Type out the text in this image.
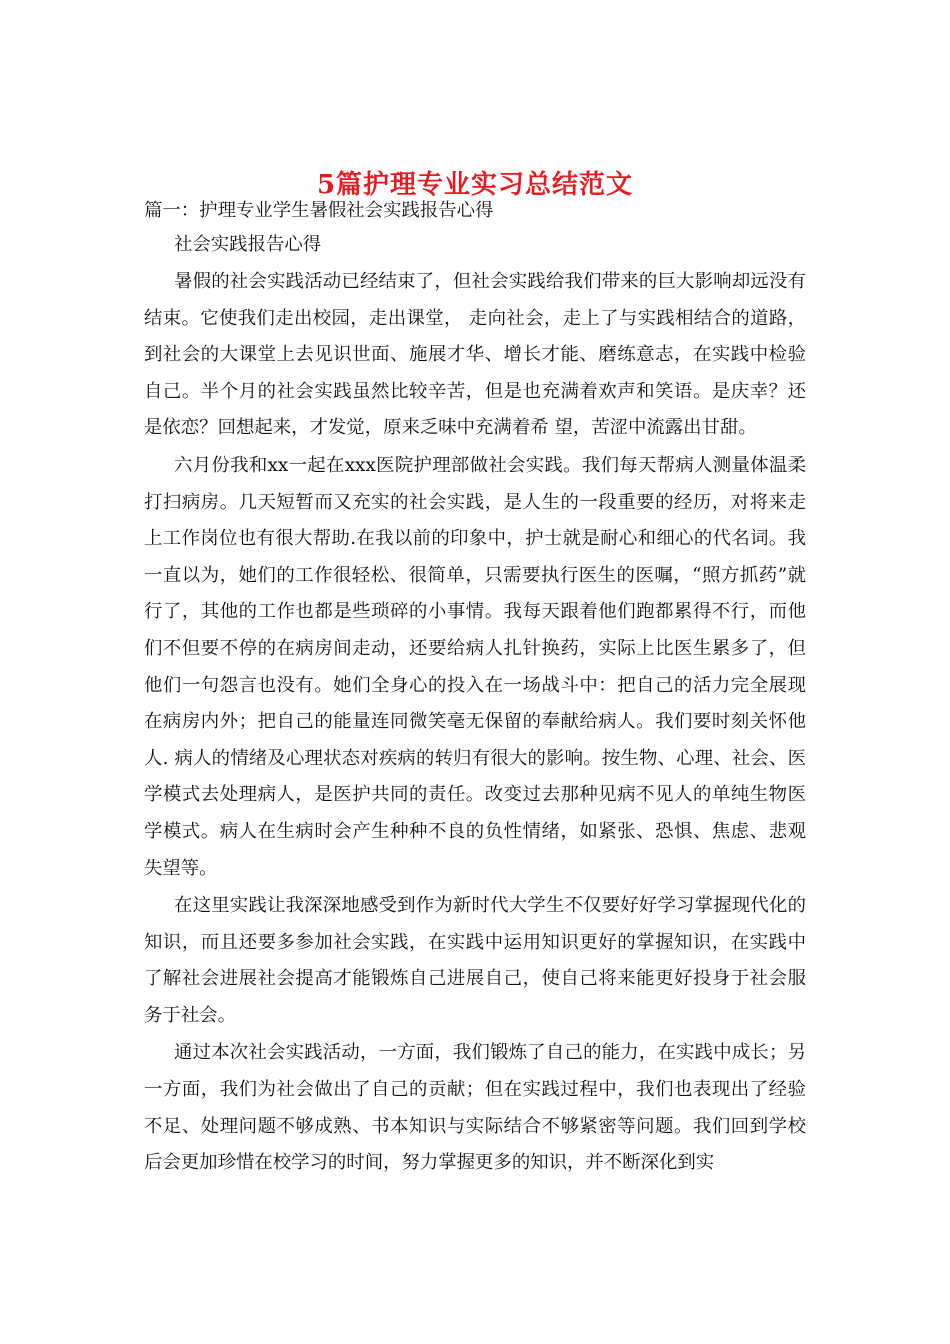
5篇护理专业实习总结范文

篇一：护理专业学生暑假社会实践报告心得

社会实践报告心得

暑假的社会实践活动已经结束了，但社会实践给我们带来的巨大影响却远没有结束。它使我们走出校园，走出课堂， 走向社会，走上了与实践相结合的道路，到社会的大课堂上去见识世面、施展才华、增长才能、磨练意志，在实践中检验自己。半个月的社会实践虽然比较辛苦，但是也充满着欢声和笑语。是庆幸？还是依恋？回想起来，才发觉，原来乏味中充满着希 望，苦涩中流露出甘甜。

六月份我和xx一起在xxx医院护理部做社会实践。我们每天帮病人测量体温柔打扫病房。几天短暂而又充实的社会实践，是人生的一段重要的经历，对将来走上工作岗位也有很大帮助.在我以前的印象中，护士就是耐心和细心的代名词。我一直以为，她们的工作很轻松、很简单，只需要执行医生的医嘱，“照方抓药”就行了，其他的工作也都是些琐碎的小事情。我每天跟着他们跑都累得不行，而他们不但要不停的在病房间走动，还要给病人扎针换药，实际上比医生累多了，但他们一句怨言也没有。她们全身心的投入在一场战斗中：把自己的活力完全展现在病房内外；把自己的能量连同微笑毫无保留的奉献给病人。我们要时刻关怀他人. 病人的情绪及心理状态对疾病的转归有很大的影响。按生物、心理、社会、医学模式去处理病人，是医护共同的责任。改变过去那种见病不见人的单纯生物医学模式。病人在生病时会产生种种不良的负性情绪，如紧张、恐惧、焦虑、悲观失望等。

在这里实践让我深深地感受到作为新时代大学生不仅要好好学习掌握现代化的知识，而且还要多参加社会实践，在实践中运用知识更好的掌握知识，在实践中了解社会进展社会提高才能锻炼自己进展自己，使自己将来能更好投身于社会服务于社会。

通过本次社会实践活动，一方面，我们锻炼了自己的能力，在实践中成长；另一方面，我们为社会做出了自己的贡献；但在实践过程中，我们也表现出了经验不足、处理问题不够成熟、书本知识与实际结合不够紧密等问题。我们回到学校后会更加珍惜在校学习的时间，努力掌握更多的知识，并不断深化到实
